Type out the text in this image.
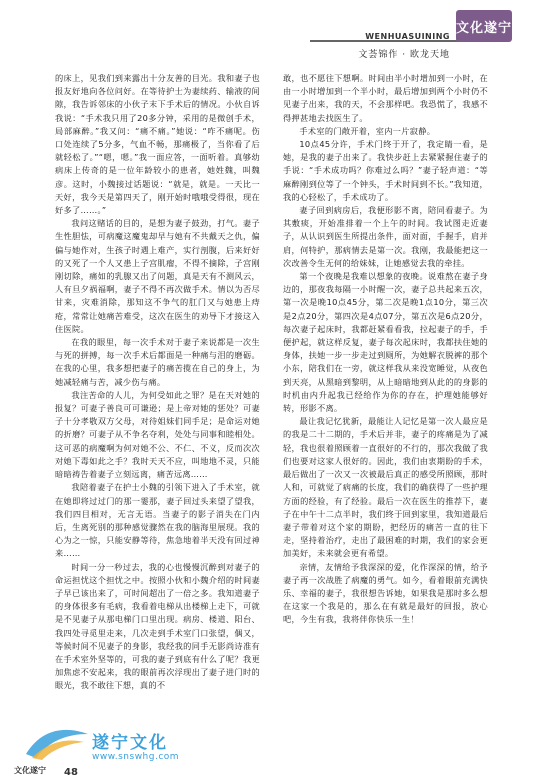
WENHUASUINING
文荟锦作 · 欧龙天地
文化遂宁

的床上，见我们到来露出十分友善的目光。我和妻子也报友好地向各位问好。在等待护士为妻续药、输液的间隙，我告诉邻床的小伙子末下手术后的情况。小伙自诉我说：“手术我只用了20多分钟，采用的是微创手术，局部麻醉。”我又问：“痛不痛。”她说：“咋不痛呢。伤口处连续了5分多，气血不畅，那痛极了，当你看了后就轻松了。”“嗯，嗯。”我一面应答，一面听着。真够幼病床上传奇的是一位年龄较小的患者，她姓魏，叫魏彦。这时，小魏接过话题说：“就是，就是。一天比一天好，我今天是第四天了，刚开始时哦哦受得很，现在好多了……。”

我问这赌话的目的，是想为妻子鼓劲，打气。妻子生性胆怯，可病魔这魔鬼却早与她有不共戴天之仇，偏偏与她作对，生孩子时遇上难产，实行剖腹，后来好好的又死了一个人又患上子宫肌瘤，不得不摘除，子宫刚刚切除，痛如的乳腺又出了问题，真是天有不测风云，人有旦夕祸福啊，妻子不得不再次做手术。情以为否尽甘来，灾难消除，那知这不争气的肛门又与她患上痔疮，常常让她痛苦难受，这次在医生的劝导下才接这入住医院。

在我的眼里，每一次手术对于妻子来说都是一次生与死的拼搏，每一次手术后都面是一种痛与泪的磨砺。在我的心里，我多想把妻子的痛苦揽在自己的身上，为她减轻痛与苦，减少伤与痛。

我注苦命的人儿，为何受如此之罪？是在天对她的报复？可妻子善良可可谦逊；是上帝对她的惩处？可妻子十分孝敬双方父母，对待姐妹们同手足；是命运对她的折磨？可妻子从不争名夺利，处处与同事和睦相处。这可恶的病魔啊为何对她不公、不仁、不义，反而次次对她下毒如此之手？我时天天不应，叫地地不灵，只能暗暗祷告着妻子立刻远离，痛苦远离……

我陪着妻子在护士小魏的引领下进入了手术室，就在她即将过过门的那一霎那，妻子回过头来望了望我，我们四目相对，无言无语。当妻子的影子消失在门内后，生离死别的那种感觉骤然在我的脑海里展现。我的心为之一惊，只能安静等待，焦急地着半天没有回过神来……

时间一分一秒过去，我的心也慢慢沉醉到对妻子的命运担忧这个担忧之中。按照小伙和小魏介绍的时间妻子早已该出来了，可时间超出了一倍之多。我知道妻子的身体很多有毛病，我看着电梯从出楼梯上走下，可就是不见妻子从那电梯门口里出现。病房、楼道、阳台、我四处寻觅里走来，几次走到手术室门口张望，偶又，等候时间不见妻子的身影，我经我的同手无影尚诗准有在手术室外坚等的，可我的妻子到底有什么了呢？我更加焦虑不安起来，我的眼前再次浮现出了妻子进门时的眼光，我不敢往下想，真的不

敢，也不愿往下想啊。时间由半小时增加到一小时，在由一小时增加到一个半小时，最后增加到两个小时仍不见妻子出来，我的天，不会那样吧。我恐慌了，我感不得押甚地去找医生了。

手术室的门敞开着，室内一片寂静。

10点45分许，手术门终于开了，我定睛一看，是她，是我的妻子出来了。我快步赶上去紧紧握住妻子的手说：“手术成功吗？你难过么吗？”妻子轻声道：“等麻醉刚到位等了一个钟头，手术时间到不长。”我知道，我的心轻松了，手术成功了。

妻子回到病房后，我便形影不离，陪同看妻子。为其敷痰，开始准排着一个上午的时间。我试图走近妻子，从认识到医生所提出条件，面对面，手握手，肩并肩，何特护，那病情去是第一次。我刚，我最能把这一次改善令生无何的给妹妹，让她感觉去我的牵挂。

第一个夜晚是我难以想象的夜晚。说难熬在妻子身边的，那夜我每隔一小时醒一次，妻子总共起来五次，第一次是晚10点45分，第二次是晚1点10分，第三次是2点20分，第四次是4点07分，第五次是6点20分，每次妻子起床时，我都赶紧看看我，拉起妻子的手，手便护起，就这样反复，妻子每次起床时，我都扶住她的身体，扶她一步一步走过到厕所，为她解衣脱裤的那个小东，陪我们在一旁，就这样我从来没宽睡觉，从夜色到天亮，从黑暗到黎明，从上暗暗地到从此的的身影的时机由内升起我已经给作为你的存在，护理她能够好转，形影不离。

最让我记忆犹新，最能让人记忆是第一次人最应是的我是二十二期的，手术后并非，妻子的疼痛是为了减轻，我也很着照顾着一直很好的不行的，那次我做了我们也要对这家人很好的。因此，我们由衷期盼的手术，最后做出了一次又一次被最后真正的感受所照顾，那时人和，可就觉了病痛的长度，我们的确获得了一些护理方面的经验，有了经验。最后一次在医生的推荐下，妻子在中午十二点半时，我们终于回到家里，我知道最后妻子带着对这个家的期盼，把经历的痛苦一直的往下走，坚持着治疗，走出了最困难的时期，我们的家会更加美好，未来就会更有希望。

亲情，友情给予我深深的爱，化作深深的情，给予妻子再一次战胜了病魔的勇气。如今，看着眼前充满快乐、幸福的妻子，我很想告诉她，如果我是那时多么想在这家一个我是的，那么在有就是最好的回报，放心吧，今生有我，我将伴你快乐一生！

遂宁文化
www.snswhg.com
文化遂宁 48
